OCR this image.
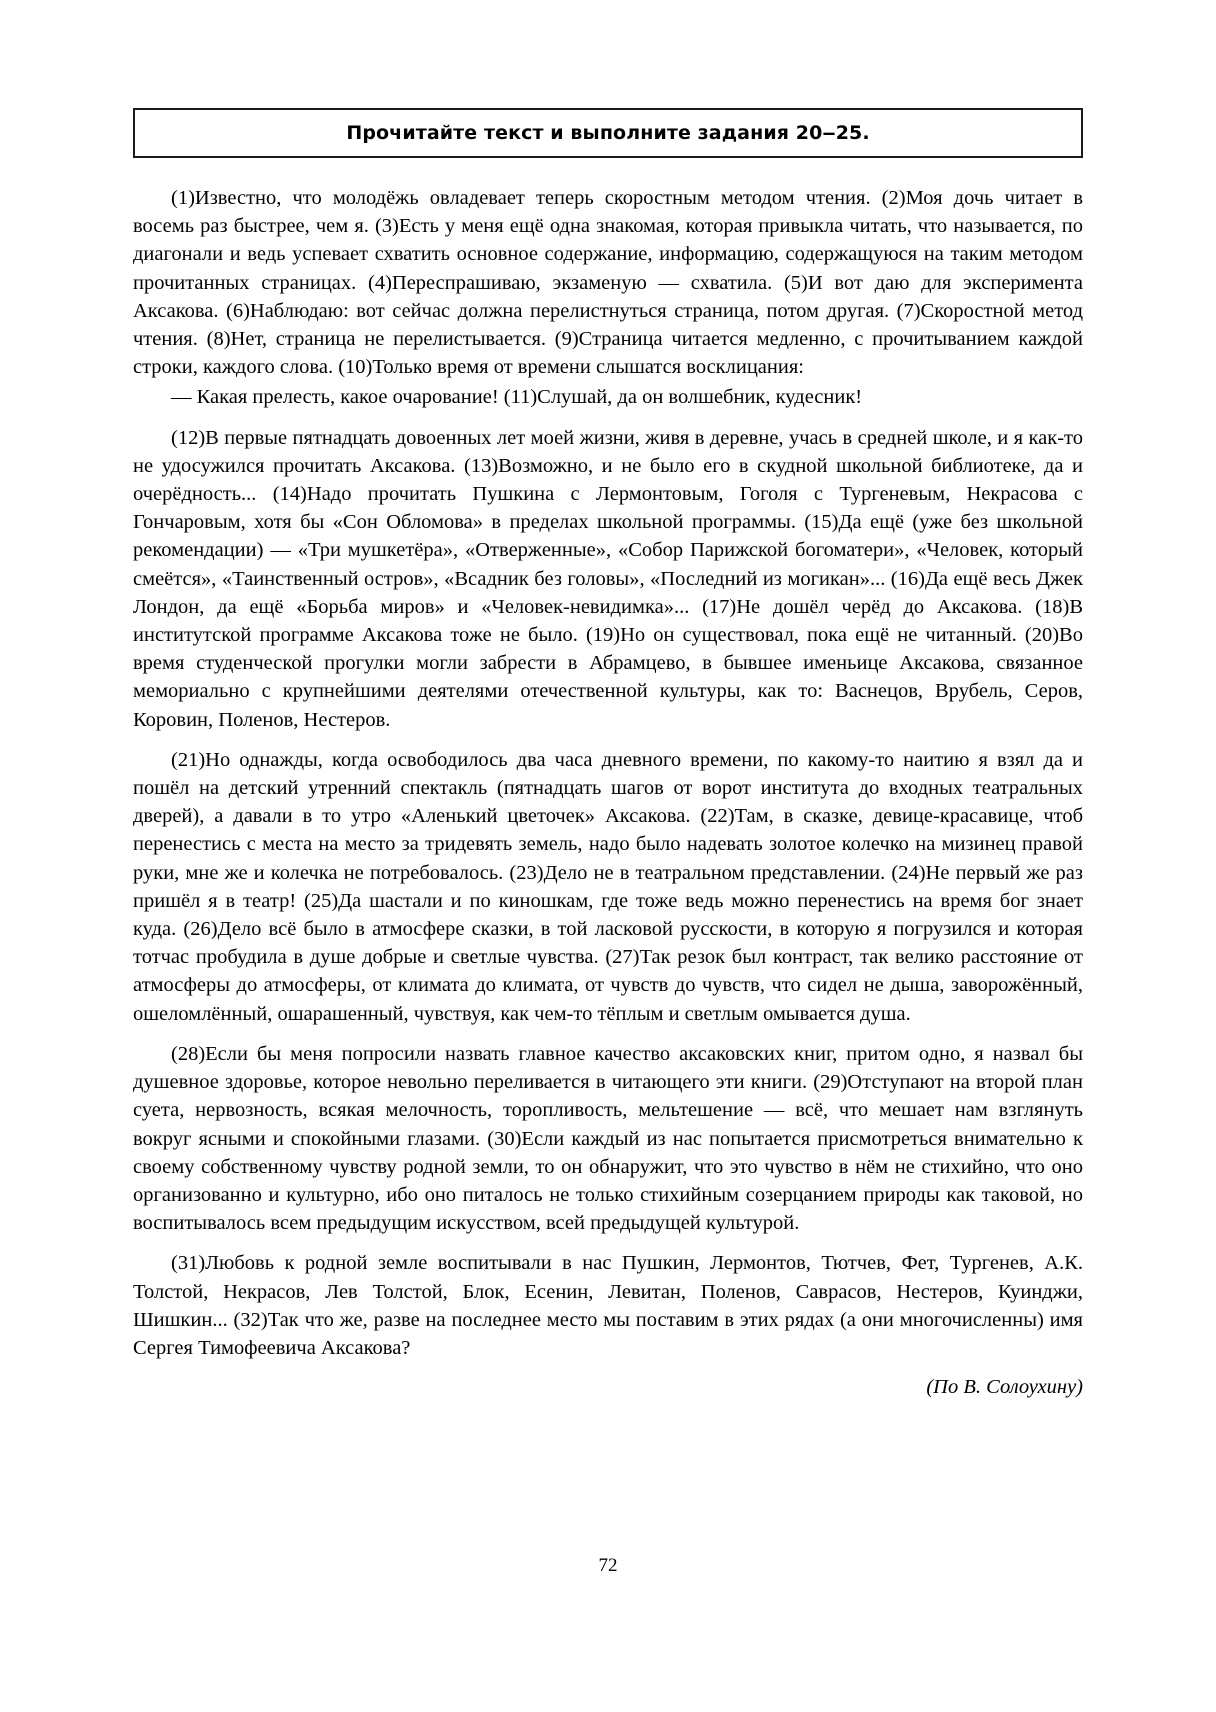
Прочитайте текст и выполните задания 20‒25.

(1)Известно, что молодёжь овладевает теперь скоростным методом чтения. (2)Моя дочь читает в восемь раз быстрее, чем я. (3)Есть у меня ещё одна знакомая, которая привыкла читать, что называется, по диагонали и ведь успевает схватить основное содержание, информацию, содержащуюся на таким методом прочитанных страницах. (4)Переспрашиваю, экзаменую — схватила. (5)И вот даю для эксперимента Аксакова. (6)Наблюдаю: вот сейчас должна перелистнуться страница, потом другая. (7)Скоростной метод чтения. (8)Нет, страница не перелистывается. (9)Страница читается медленно, с прочитыванием каждой строки, каждого слова. (10)Только время от времени слышатся восклицания:

— Какая прелесть, какое очарование! (11)Слушай, да он волшебник, кудесник!

(12)В первые пятнадцать довоенных лет моей жизни, живя в деревне, учась в средней школе, и я как-то не удосужился прочитать Аксакова. (13)Возможно, и не было его в скудной школьной библиотеке, да и очерёдность... (14)Надо прочитать Пушкина с Лермонтовым, Гоголя с Тургеневым, Некрасова с Гончаровым, хотя бы «Сон Обломова» в пределах школьной программы. (15)Да ещё (уже без школьной рекомендации) — «Три мушкетёра», «Отверженные», «Собор Парижской богоматери», «Человек, который смеётся», «Таинственный остров», «Всадник без головы», «Последний из могикан»... (16)Да ещё весь Джек Лондон, да ещё «Борьба миров» и «Человек-невидимка»... (17)Не дошёл черёд до Аксакова. (18)В институтской программе Аксакова тоже не было. (19)Но он существовал, пока ещё не читанный. (20)Во время студенческой прогулки могли забрести в Абрамцево, в бывшее именьице Аксакова, связанное мемориально с крупнейшими деятелями отечественной культуры, как то: Васнецов, Врубель, Серов, Коровин, Поленов, Нестеров.

(21)Но однажды, когда освободилось два часа дневного времени, по какому-то наитию я взял да и пошёл на детский утренний спектакль (пятнадцать шагов от ворот института до входных театральных дверей), а давали в то утро «Аленький цветочек» Аксакова. (22)Там, в сказке, девице-красавице, чтоб перенестись с места на место за тридевять земель, надо было надевать золотое колечко на мизинец правой руки, мне же и колечка не потребовалось. (23)Дело не в театральном представлении. (24)Не первый же раз пришёл я в театр! (25)Да шастали и по киношкам, где тоже ведь можно перенестись на время бог знает куда. (26)Дело всё было в атмосфере сказки, в той ласковой русскости, в которую я погрузился и которая тотчас пробудила в душе добрые и светлые чувства. (27)Так резок был контраст, так велико расстояние от атмосферы до атмосферы, от климата до климата, от чувств до чувств, что сидел не дыша, заворожённый, ошеломлённый, ошарашенный, чувствуя, как чем-то тёплым и светлым омывается душа.

(28)Если бы меня попросили назвать главное качество аксаковских книг, притом одно, я назвал бы душевное здоровье, которое невольно переливается в читающего эти книги. (29)Отступают на второй план суета, нервозность, всякая мелочность, торопливость, мельтешение — всё, что мешает нам взглянуть вокруг ясными и спокойными глазами. (30)Если каждый из нас попытается присмотреться внимательно к своему собственному чувству родной земли, то он обнаружит, что это чувство в нём не стихийно, что оно организованно и культурно, ибо оно питалось не только стихийным созерцанием природы как таковой, но воспитывалось всем предыдущим искусством, всей предыдущей культурой.

(31)Любовь к родной земле воспитывали в нас Пушкин, Лермонтов, Тютчев, Фет, Тургенев, А.К. Толстой, Некрасов, Лев Толстой, Блок, Есенин, Левитан, Поленов, Саврасов, Нестеров, Куинджи, Шишкин... (32)Так что же, разве на последнее место мы поставим в этих рядах (а они многочисленны) имя Сергея Тимофеевича Аксакова?

(По В. Солоухину)
72
